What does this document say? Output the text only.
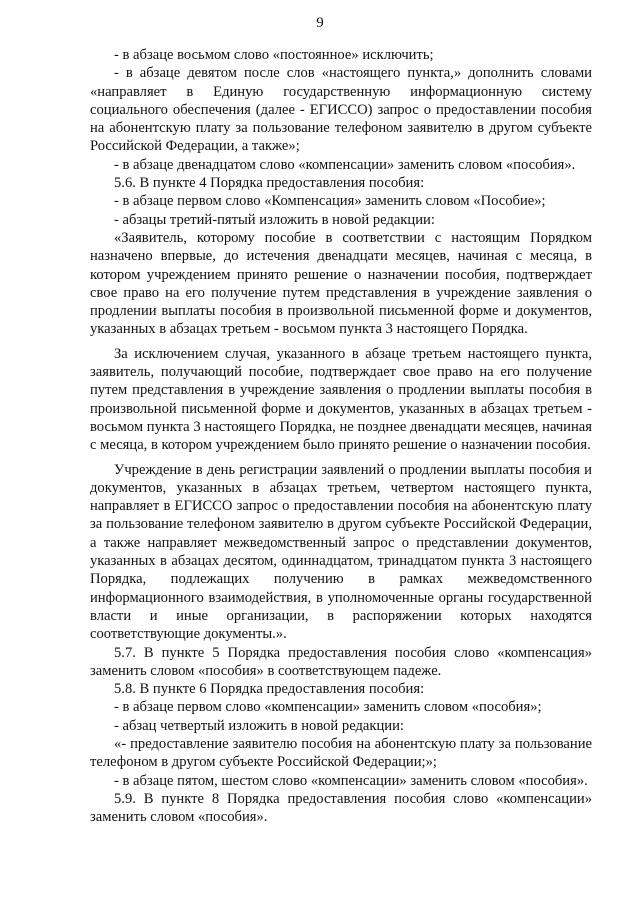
9

- в абзаце восьмом слово «постоянное» исключить;

- в абзаце девятом после слов «настоящего пункта,» дополнить словами «направляет в Единую государственную информационную систему социального обеспечения (далее - ЕГИССО) запрос о предоставлении пособия на абонентскую плату за пользование телефоном заявителю в другом субъекте Российской Федерации, а также»;

- в абзаце двенадцатом слово «компенсации» заменить словом «пособия».

5.6. В пункте 4 Порядка предоставления пособия:

- в абзаце первом слово «Компенсация» заменить словом «Пособие»;

- абзацы третий-пятый изложить в новой редакции:

«Заявитель, которому пособие в соответствии с настоящим Порядком назначено впервые, до истечения двенадцати месяцев, начиная с месяца, в котором учреждением принято решение о назначении пособия, подтверждает свое право на его получение путем представления в учреждение заявления о продлении выплаты пособия в произвольной письменной форме и документов, указанных в абзацах третьем - восьмом пункта 3 настоящего Порядка.

За исключением случая, указанного в абзаце третьем настоящего пункта, заявитель, получающий пособие, подтверждает свое право на его получение путем представления в учреждение заявления о продлении выплаты пособия в произвольной письменной форме и документов, указанных в абзацах третьем - восьмом пункта 3 настоящего Порядка, не позднее двенадцати месяцев, начиная с месяца, в котором учреждением было принято решение о назначении пособия.

Учреждение в день регистрации заявлений о продлении выплаты пособия и документов, указанных в абзацах третьем, четвертом настоящего пункта, направляет в ЕГИССО запрос о предоставлении пособия на абонентскую плату за пользование телефоном заявителю в другом субъекте Российской Федерации, а также направляет межведомственный запрос о представлении документов, указанных в абзацах десятом, одиннадцатом, тринадцатом пункта 3 настоящего Порядка, подлежащих получению в рамках межведомственного информационного взаимодействия, в уполномоченные органы государственной власти и иные организации, в распоряжении которых находятся соответствующие документы.».

5.7. В пункте 5 Порядка предоставления пособия слово «компенсация» заменить словом «пособия» в соответствующем падеже.

5.8. В пункте 6 Порядка предоставления пособия:

- в абзаце первом слово «компенсации» заменить словом «пособия»;

- абзац четвертый изложить в новой редакции:

«- предоставление заявителю пособия на абонентскую плату за пользование телефоном в другом субъекте Российской Федерации;»;

- в абзаце пятом, шестом слово «компенсации» заменить словом «пособия».

5.9. В пункте 8 Порядка предоставления пособия слово «компенсации» заменить словом «пособия».
